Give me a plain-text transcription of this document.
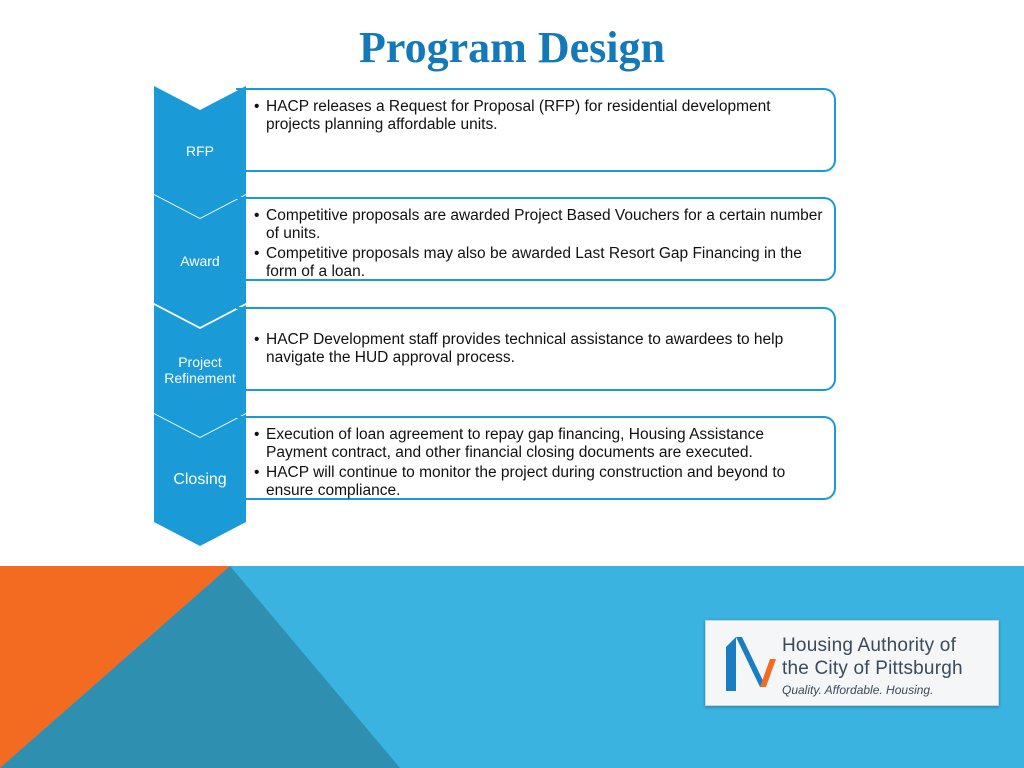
Program Design
• HACP releases a Request for Proposal (RFP) for residential development projects planning affordable units.
RFP
• Competitive proposals are awarded Project Based Vouchers for a certain number of units.
• Competitive proposals may also be awarded Last Resort Gap Financing in the form of a loan.
Award
• HACP Development staff provides technical assistance to awardees to help navigate the HUD approval process.
Project Refinement
• Execution of loan agreement to repay gap financing, Housing Assistance Payment contract, and other financial closing documents are executed.
• HACP will continue to monitor the project during construction and beyond to ensure compliance.
Closing
Housing Authority of
the City of Pittsburgh
Quality. Affordable. Housing.
